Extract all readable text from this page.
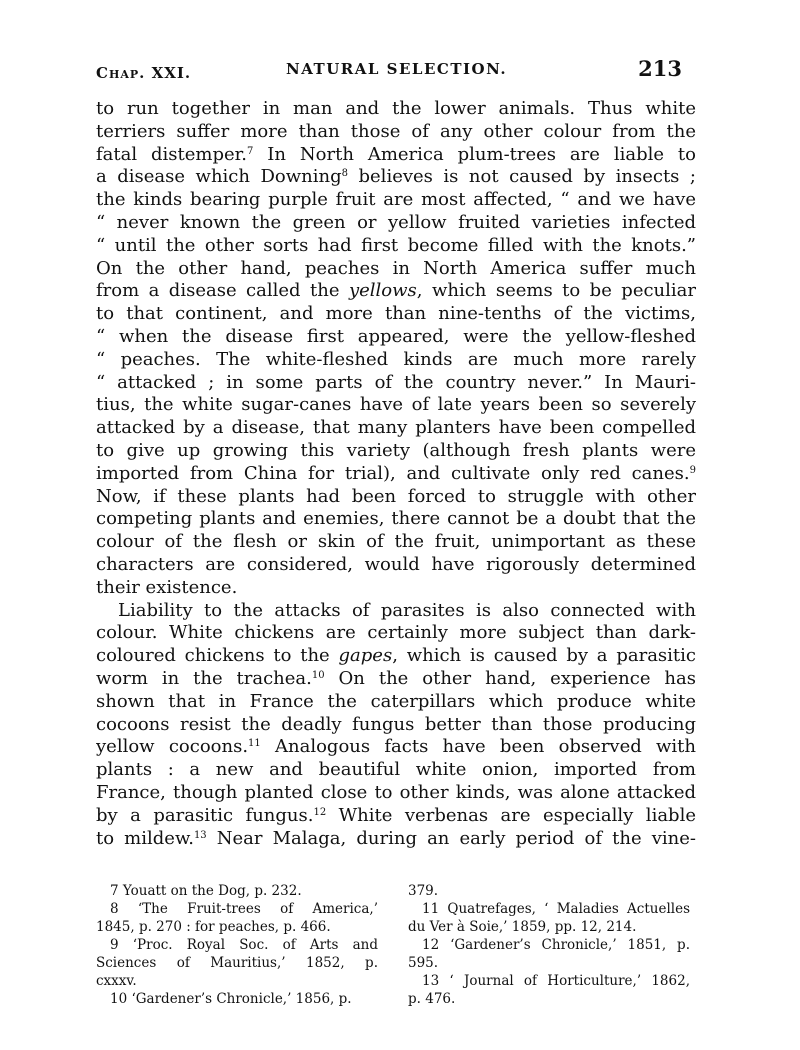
Chap. XXI.	NATURAL SELECTION.	213
to run together in man and the lower animals. Thus white
terriers suffer more than those of any other colour from the
fatal distemper.$^7$ In North America plum-trees are liable to
a disease which Downing$^8$ believes is not caused by insects ;
the kinds bearing purple fruit are most affected, “ and we have
“ never known the green or yellow fruited varieties infected
“ until the other sorts had first become filled with the knots.”
On the other hand, peaches in North America suffer much
from a disease called the yellows, which seems to be peculiar
to that continent, and more than nine-tenths of the victims,
“ when the disease first appeared, were the yellow-fleshed
“ peaches. The white-fleshed kinds are much more rarely
“ attacked ; in some parts of the country never.” In Mauri-
tius, the white sugar-canes have of late years been so severely
attacked by a disease, that many planters have been compelled
to give up growing this variety (although fresh plants were
imported from China for trial), and cultivate only red canes.$^9$
Now, if these plants had been forced to struggle with other
competing plants and enemies, there cannot be a doubt that the
colour of the flesh or skin of the fruit, unimportant as these
characters are considered, would have rigorously determined
their existence.
Liability to the attacks of parasites is also connected with
colour. White chickens are certainly more subject than dark-
coloured chickens to the gapes, which is caused by a parasitic
worm in the trachea.$^{10}$ On the other hand, experience has
shown that in France the caterpillars which produce white
cocoons resist the deadly fungus better than those producing
yellow cocoons.$^{11}$ Analogous facts have been observed with
plants : a new and beautiful white onion, imported from
France, though planted close to other kinds, was alone attacked
by a parasitic fungus.$^{12}$ White verbenas are especially liable
to mildew.$^{13}$ Near Malaga, during an early period of the vine-
7 Youatt on the Dog, p. 232.
8 ‘The Fruit-trees of America,’
1845, p. 270 : for peaches, p. 466.
9 ‘Proc. Royal Soc. of Arts and
Sciences of Mauritius,’ 1852, p.
cxxxv.
10 ‘Gardener’s Chronicle,’ 1856, p.
379.
11 Quatrefages, ‘ Maladies Actuelles
du Ver à Soie,’ 1859, pp. 12, 214.
12 ‘Gardener’s Chronicle,’ 1851, p.
595.
13 ‘ Journal of Horticulture,’ 1862,
p. 476.
